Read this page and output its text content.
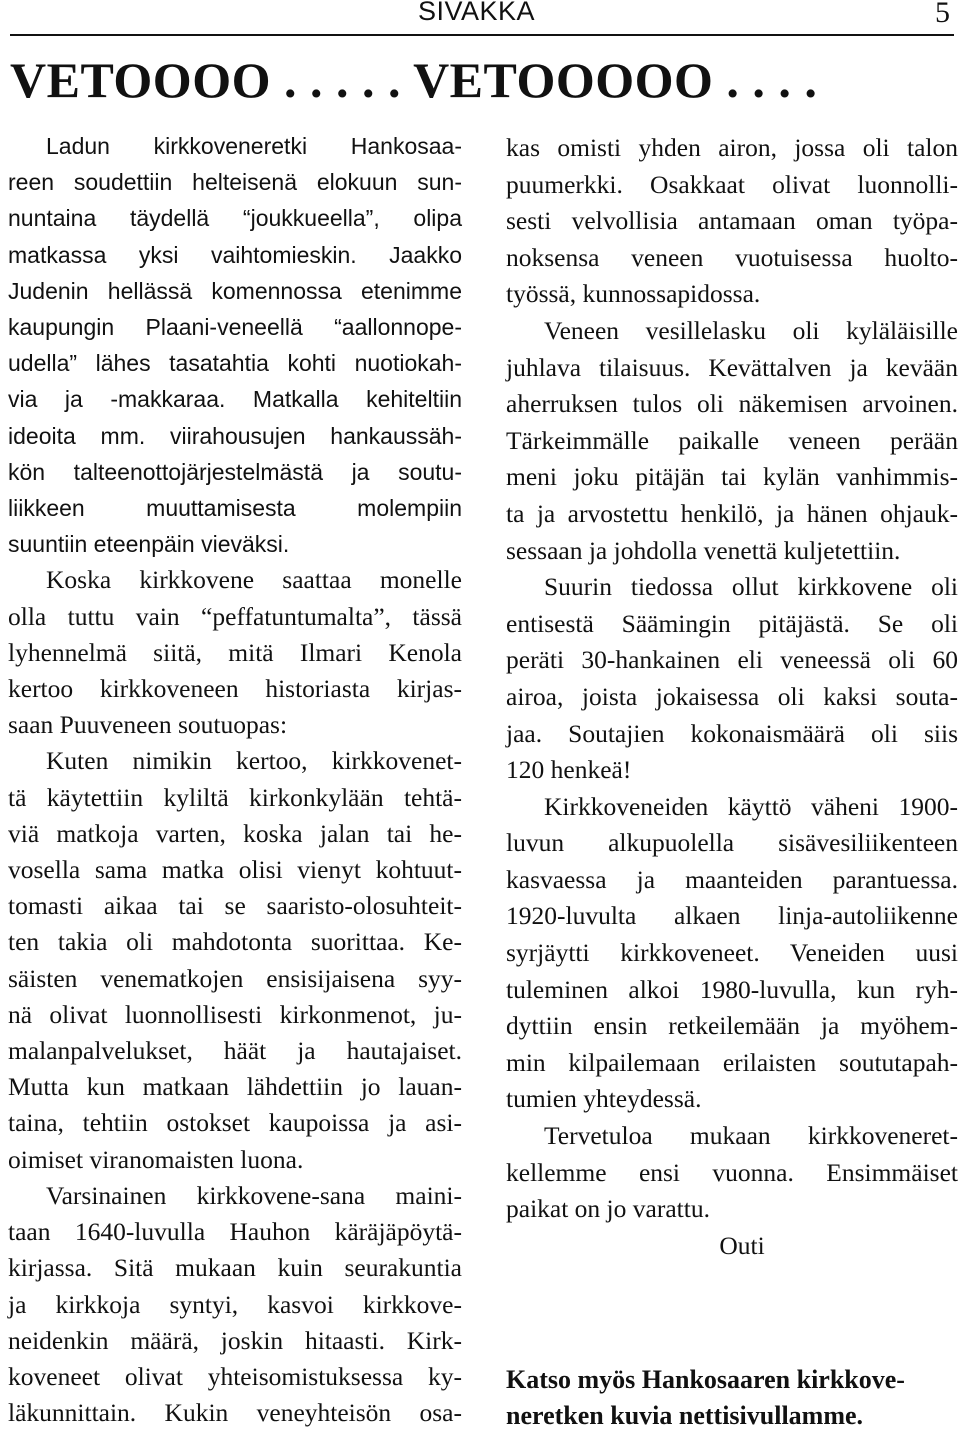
SIVAKKA	5
VETOOOO . . . . . VETOOOOO . . . .

Ladun kirkkoveneretki Hankosaa-
reen soudettiin helteisenä elokuun sun-
nuntaina täydellä “joukkueella”, olipa
matkassa yksi vaihtomieskin. Jaakko
Judenin hellässä komennossa etenimme
kaupungin Plaani-veneellä “aallonnope-
udella” lähes tasatahtia kohti nuotiokah-
via ja -makkaraa. Matkalla kehiteltiin
ideoita mm. viirahousujen hankaussäh-
kön talteenottojärjestelmästä ja soutu-
liikkeen muuttamisesta molempiin
suuntiin eteenpäin vieväksi.

Koska kirkkovene saattaa monelle
olla tuttu vain “peffatuntumalta”, tässä
lyhennelmä siitä, mitä Ilmari Kenola
kertoo kirkkoveneen historiasta kirjas-
saan Puuveneen soutuopas:

Kuten nimikin kertoo, kirkkovenet-
tä käytettiin kyliltä kirkonkylään tehtä-
viä matkoja varten, koska jalan tai he-
vosella sama matka olisi vienyt kohtuut-
tomasti aikaa tai se saaristo-olosuhteit-
ten takia oli mahdotonta suorittaa. Ke-
säisten venematkojen ensisijaisena syy-
nä olivat luonnollisesti kirkonmenot, ju-
malanpalvelukset, häät ja hautajaiset.
Mutta kun matkaan lähdettiin jo lauan-
taina, tehtiin ostokset kaupoissa ja asi-
oimiset viranomaisten luona.

Varsinainen kirkkovene-sana maini-
taan 1640-luvulla Hauhon käräjäpöytä-
kirjassa. Sitä mukaan kuin seurakuntia
ja kirkkoja syntyi, kasvoi kirkkove-
neidenkin määrä, joskin hitaasti. Kirk-
koveneet olivat yhteisomistuksessa ky-
läkunnittain. Kukin veneyhteisön osa-

kas omisti yhden airon, jossa oli talon
puumerkki. Osakkaat olivat luonnolli-
sesti velvollisia antamaan oman työpa-
noksensa veneen vuotuisessa huolto-
työssä, kunnossapidossa.

Veneen vesillelasku oli kyläläisille
juhlava tilaisuus. Kevättalven ja kevään
aherruksen tulos oli näkemisen arvoinen.
Tärkeimmälle paikalle veneen perään
meni joku pitäjän tai kylän vanhimmis-
ta ja arvostettu henkilö, ja hänen ohjauk-
sessaan ja johdolla venettä kuljetettiin.

Suurin tiedossa ollut kirkkovene oli
entisestä Säämingin pitäjästä. Se oli
peräti 30-hankainen eli veneessä oli 60
airoa, joista jokaisessa oli kaksi souta-
jaa. Soutajien kokonaismäärä oli siis
120 henkeä!

Kirkkoveneiden käyttö väheni 1900-
luvun alkupuolella sisävesiliikenteen
kasvaessa ja maanteiden parantuessa.
1920-luvulta alkaen linja-autoliikenne
syrjäytti kirkkoveneet. Veneiden uusi
tuleminen alkoi 1980-luvulla, kun ryh-
dyttiin ensin retkeilemään ja myöhem-
min kilpailemaan erilaisten soututapah-
tumien yhteydessä.

Tervetuloa mukaan kirkkoveneret-
kellemme ensi vuonna. Ensimmäiset
paikat on jo varattu.

Outi
Katso myös Hankosaaren kirkkove-
neretken kuvia nettisivullamme.
